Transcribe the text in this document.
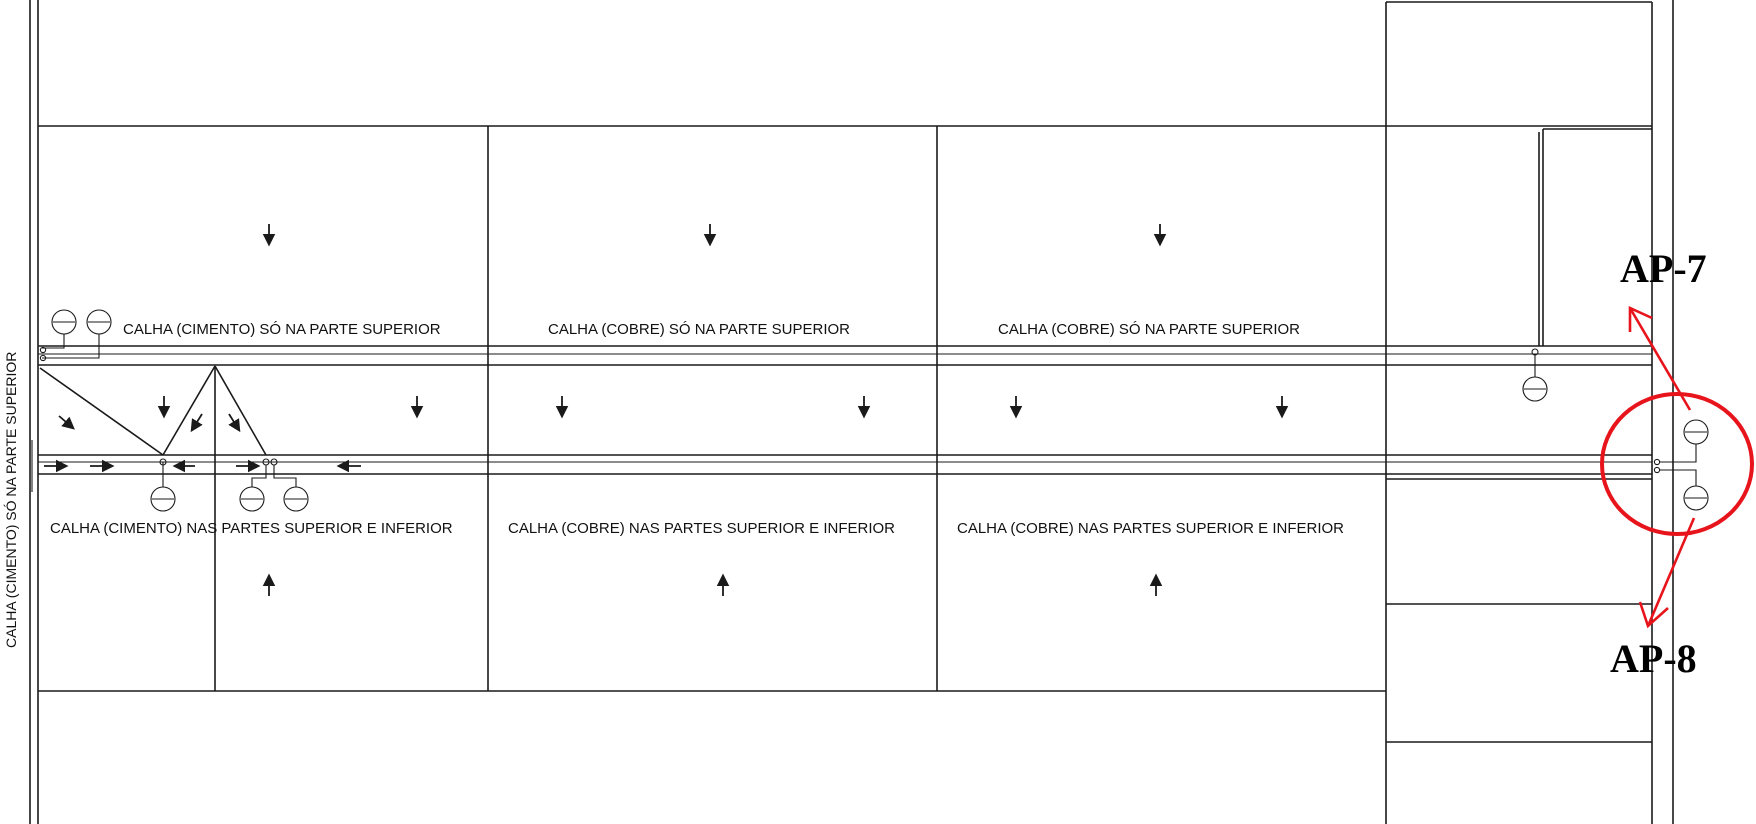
CALHA (CIMENTO) SÓ NA PARTE SUPERIOR	CALHA (COBRE) SÓ NA PARTE SUPERIOR	CALHA (COBRE) SÓ NA PARTE SUPERIOR
CALHA (CIMENTO) NAS PARTES SUPERIOR E INFERIOR	CALHA (COBRE) NAS PARTES SUPERIOR E INFERIOR	CALHA (COBRE) NAS PARTES SUPERIOR E INFERIOR
CALHA (CIMENTO) SÓ NA PARTE SUPERIOR
AP-7
AP-8
